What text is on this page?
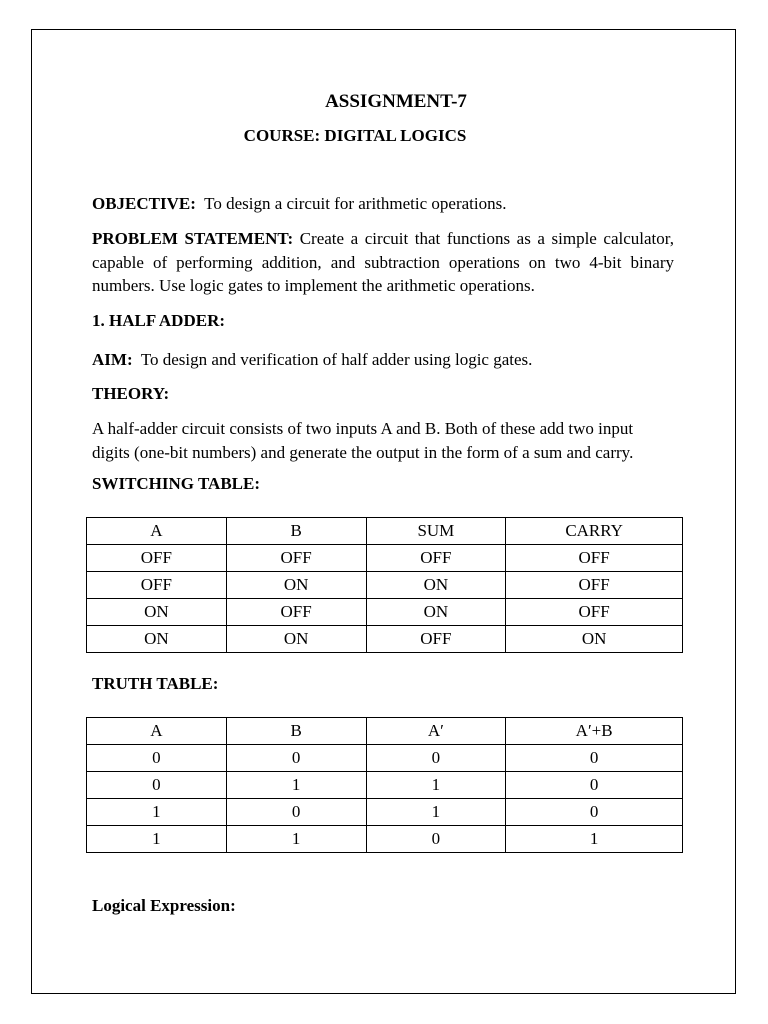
ASSIGNMENT-7
COURSE: DIGITAL LOGICS
OBJECTIVE: To design a circuit for arithmetic operations.
PROBLEM STATEMENT: Create a circuit that functions as a simple calculator, capable of performing addition, and subtraction operations on two 4-bit binary numbers. Use logic gates to implement the arithmetic operations.
1. HALF ADDER:
AIM: To design and verification of half adder using logic gates.
THEORY:
A half-adder circuit consists of two inputs A and B. Both of these add two input digits (one-bit numbers) and generate the output in the form of a sum and carry.
SWITCHING TABLE:
A	B	SUM	CARRY
OFF	OFF	OFF	OFF
OFF	ON	ON	OFF
ON	OFF	ON	OFF
ON	ON	OFF	ON
TRUTH TABLE:
A	B	A′	A′+B
0	0	0	0
0	1	1	0
1	0	1	0
1	1	0	1
Logical Expression:
